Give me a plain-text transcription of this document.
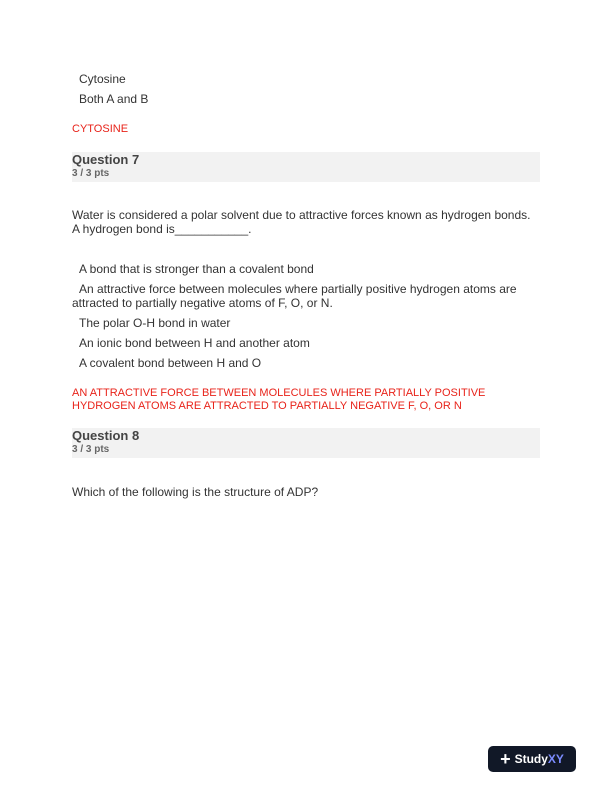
Cytosine
Both A and B
CYTOSINE
Question 7
3 / 3 pts
Water is considered a polar solvent due to attractive forces known as hydrogen bonds.
A hydrogen bond is___________.
A bond that is stronger than a covalent bond
An attractive force between molecules where partially positive hydrogen atoms are
attracted to partially negative atoms of F, O, or N.
The polar O-H bond in water
An ionic bond between H and another atom
A covalent bond between H and O
AN ATTRACTIVE FORCE BETWEEN MOLECULES WHERE PARTIALLY POSITIVE
HYDROGEN ATOMS ARE ATTRACTED TO PARTIALLY NEGATIVE F, O, OR N
Question 8
3 / 3 pts
Which of the following is the structure of ADP?
+ Study XY
